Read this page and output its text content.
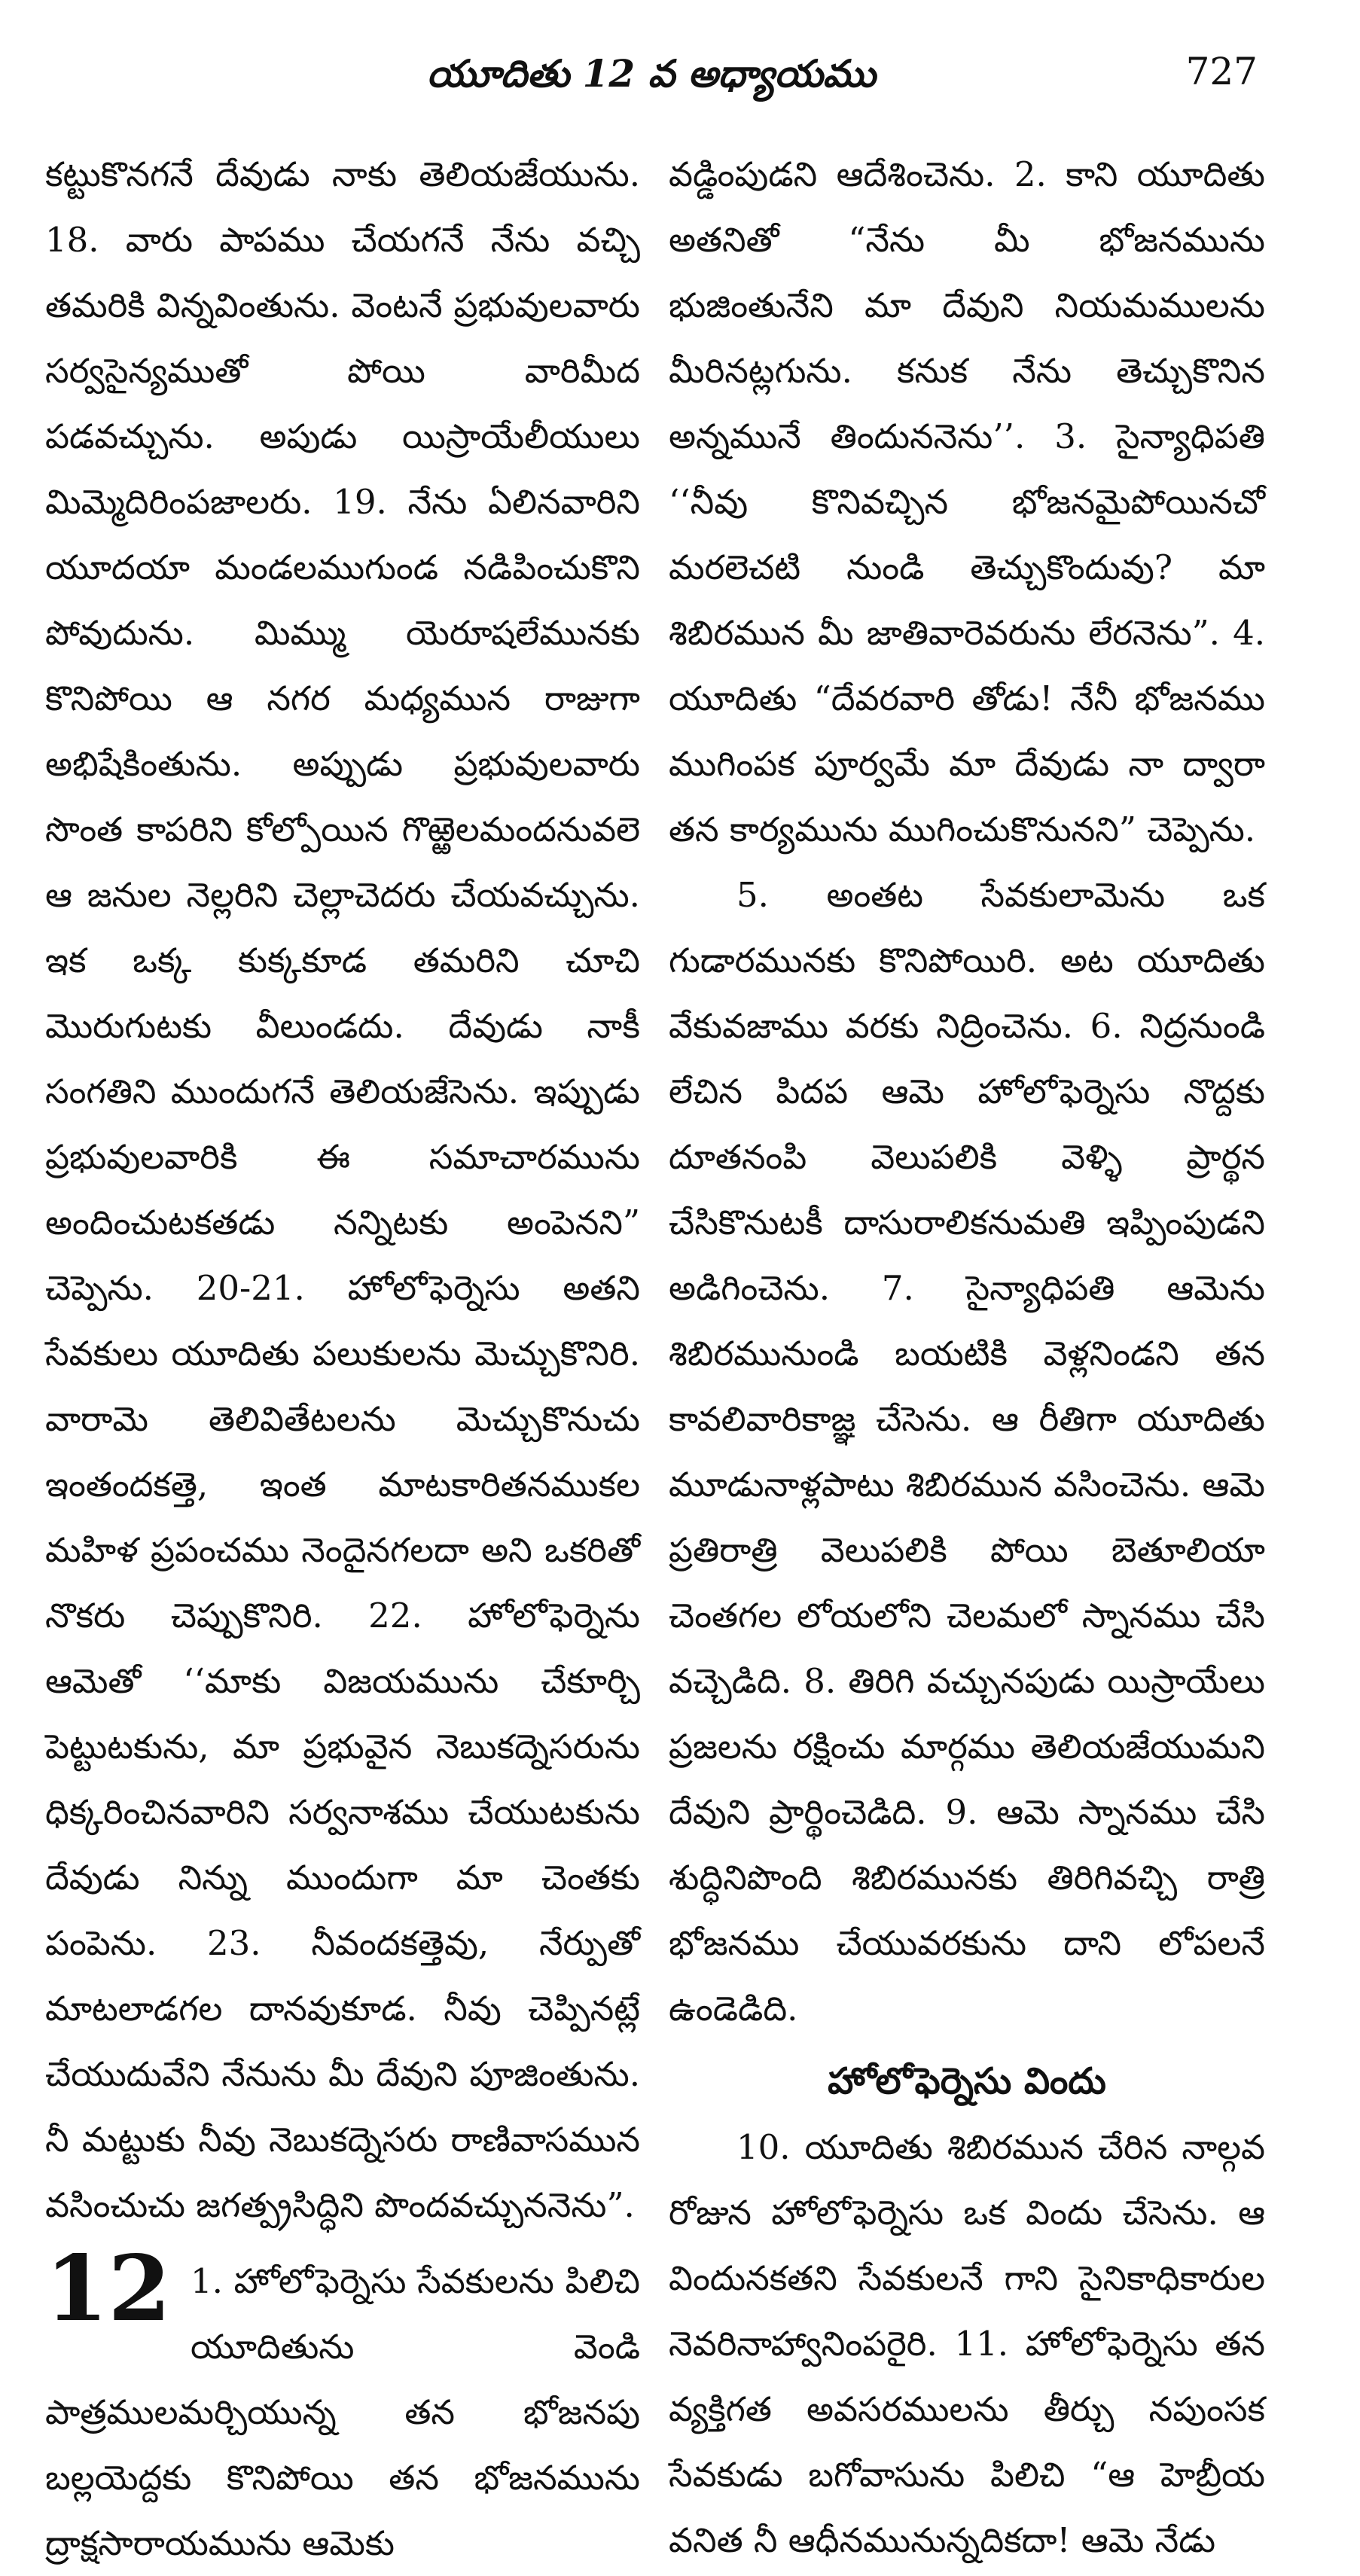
యూదితు 12 వ అధ్యాయము	727

కట్టుకొనగనే దేవుడు నాకు తెలియజేయును. 18. వారు పాపము చేయగనే నేను వచ్చి తమరికి విన్నవింతును. వెంటనే ప్రభువులవారు సర్వసైన్యముతో పోయి వారిమీద పడవచ్చును. అపుడు యిస్రాయేలీయులు మిమ్మెదిరింపజాలరు. 19. నేను ఏలినవారిని యూదయా మండలముగుండ నడిపించుకొని పోవుదును. మిమ్ము యెరూషలేమునకు కొనిపోయి ఆ నగర మధ్యమున రాజుగా అభిషేకింతును. అప్పుడు ప్రభువులవారు సొంత కాపరిని కోల్పోయిన గొఱ్ఱెలమందనువలె ఆ జనుల నెల్లరిని చెల్లాచెదరు చేయవచ్చును. ఇక ఒక్క కుక్కకూడ తమరిని చూచి మొరుగుటకు వీలుండదు. దేవుడు నాకీ సంగతిని ముందుగనే తెలియజేసెను. ఇప్పుడు ప్రభువులవారికి ఈ సమాచారమును అందించుటకతడు నన్నిటకు అంపెనని” చెప్పెను. 20-21. హోలోఫెర్నెసు అతని సేవకులు యూదితు పలుకులను మెచ్చుకొనిరి. వారామె తెలివితేటలను మెచ్చుకొనుచు ఇంతందకత్తె, ఇంత మాటకారితనముకల మహిళ ప్రపంచము నెందైనగలదా అని ఒకరితో నొకరు చెప్పుకొనిరి. 22. హోలోఫెర్నెను ఆమెతో ‘‘మాకు విజయమును చేకూర్చి పెట్టుటకును, మా ప్రభువైన నెబుకద్నెసరును ధిక్కరించినవారిని సర్వనాశము చేయుటకును దేవుడు నిన్ను ముందుగా మా చెంతకు పంపెను. 23. నీవందకత్తెవు, నేర్పుతో మాటలాడగల దానవుకూడ. నీవు చెప్పినట్లే చేయుదువేని నేనును మీ దేవుని పూజింతును. నీ మట్టుకు నీవు నెబుకద్నెసరు రాణివాసమున వసించుచు జగత్ప్రసిద్ధిని పొందవచ్చుననెను”.

12 1. హోలోఫెర్నెసు సేవకులను పిలిచి యూదితును వెండి పాత్రములమర్చియున్న తన భోజనపు బల్లయెద్దకు కొనిపోయి తన భోజనమును ద్రాక్షసారాయమును ఆమెకు

వడ్డింపుడని ఆదేశించెను. 2. కాని యూదితు అతనితో “నేను మీ భోజనమును భుజింతునేని మా దేవుని నియమములను మీరినట్లగును. కనుక నేను తెచ్చుకొనిన అన్నమునే తిందుననెను’’. 3. సైన్యాధిపతి ‘‘నీవు కొనివచ్చిన భోజనమైపోయినచో మరలెచటి నుండి తెచ్చుకొందువు? మా శిబిరమున మీ జాతివారెవరును లేరనెను”. 4. యూదితు “దేవరవారి తోడు! నేనీ భోజనము ముగింపక పూర్వమే మా దేవుడు నా ద్వారా తన కార్యమును ముగించుకొనునని” చెప్పెను.

5. అంతట సేవకులామెను ఒక గుడారమునకు కొనిపోయిరి. అట యూదితు వేకువజాము వరకు నిద్రించెను. 6. నిద్రనుండి లేచిన పిదప ఆమె హోలోఫెర్నెసు నొద్దకు దూతనంపి వెలుపలికి వెళ్ళి ప్రార్థన చేసికొనుటకీ దాసురాలికనుమతి ఇప్పింపుడని అడిగించెను. 7. సైన్యాధిపతి ఆమెను శిబిరమునుండి బయటికి వెళ్లనిండని తన కావలివారికాజ్ఞ చేసెను. ఆ రీతిగా యూదితు మూడునాళ్లపాటు శిబిరమున వసించెను. ఆమె ప్రతిరాత్రి వెలుపలికి పోయి బెతూలియా చెంతగల లోయలోని చెలమలో స్నానము చేసి వచ్చెడిది. 8. తిరిగి వచ్చునపుడు యిస్రాయేలు ప్రజలను రక్షించు మార్గము తెలియజేయుమని దేవుని ప్రార్థించెడిది. 9. ఆమె స్నానము చేసి శుద్ధినిపొంది శిబిరమునకు తిరిగివచ్చి రాత్రి భోజనము చేయువరకును దాని లోపలనే ఉండెడిది.

హోలోఫెర్నెసు విందు

10. యూదితు శిబిరమున చేరిన నాల్గవ రోజున హోలోఫెర్నెసు ఒక విందు చేసెను. ఆ విందునకతని సేవకులనే గాని సైనికాధికారుల నెవరినాహ్వానింపరైరి. 11. హోలోఫెర్నెసు తన వ్యక్తిగత అవసరములను తీర్చు నపుంసక సేవకుడు బగోవాసును పిలిచి “ఆ హెబ్రీయ వనిత నీ ఆధీనమునున్నదికదా! ఆమె నేడు
